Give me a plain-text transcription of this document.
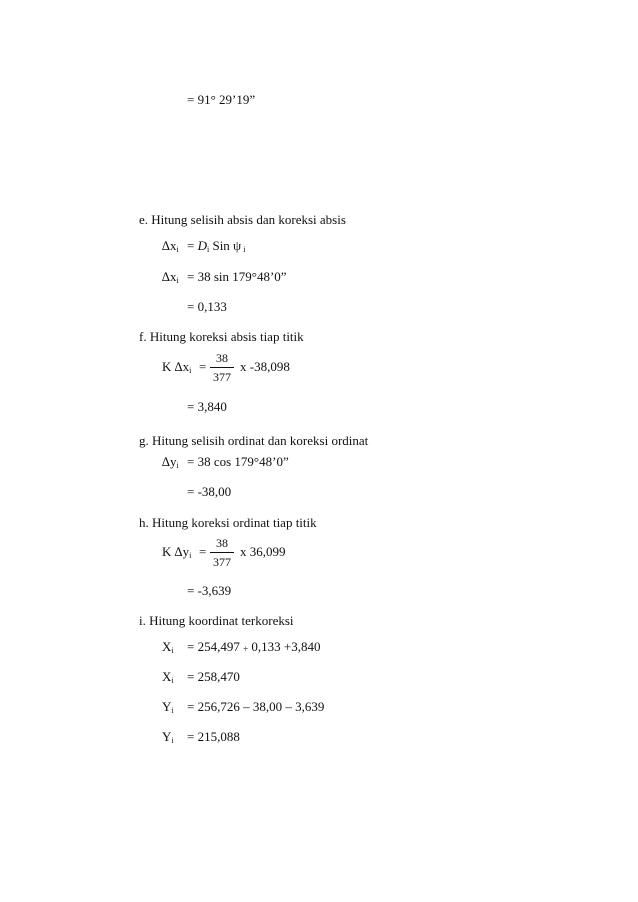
= 91° 29’19”
e. Hitung selisih absis dan koreksi absis
$\Delta x_i = D_i$ Sin ψ $_i$
$\Delta x_i = 38$ sin 179°48’0”
= 0,133
f. Hitung koreksi absis tiap titik
K $\Delta x_i$ =
38
377
x -38,098
= 3,840
g. Hitung selisih ordinat dan koreksi ordinat
$\Delta y_i = 38$ cos 179°48’0”
= -38,00
h. Hitung koreksi ordinat tiap titik
K $\Delta y_i$ =
38
377
x 36,099
= -3,639
i. Hitung koordinat terkoreksi
$X_i = 254,497 + 0,133 +3,840$
$X_i = 258,470$
$Y_i = 256,726 - 38,00 - 3,639$
$Y_i = 215,088$
